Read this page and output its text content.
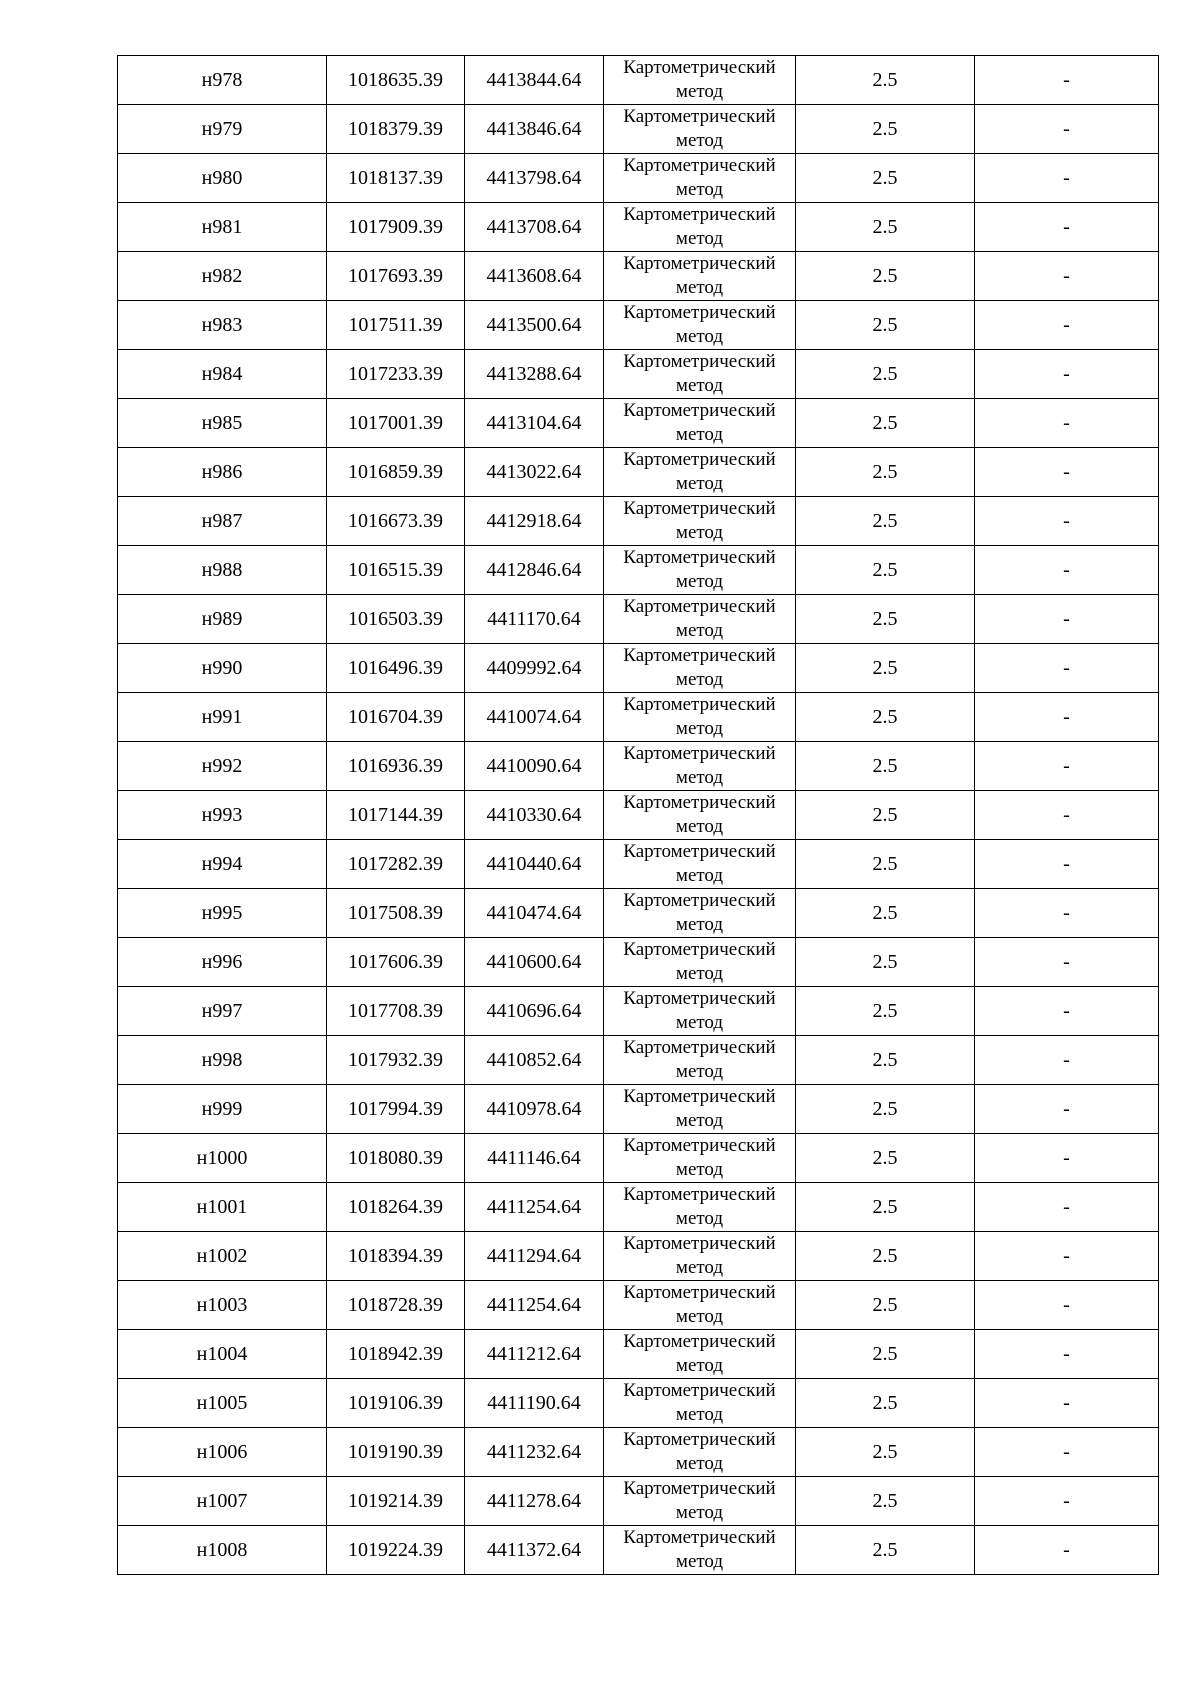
н978	1018635.39	4413844.64	Картометрический метод	2.5	-
н979	1018379.39	4413846.64	Картометрический метод	2.5	-
н980	1018137.39	4413798.64	Картометрический метод	2.5	-
н981	1017909.39	4413708.64	Картометрический метод	2.5	-
н982	1017693.39	4413608.64	Картометрический метод	2.5	-
н983	1017511.39	4413500.64	Картометрический метод	2.5	-
н984	1017233.39	4413288.64	Картометрический метод	2.5	-
н985	1017001.39	4413104.64	Картометрический метод	2.5	-
н986	1016859.39	4413022.64	Картометрический метод	2.5	-
н987	1016673.39	4412918.64	Картометрический метод	2.5	-
н988	1016515.39	4412846.64	Картометрический метод	2.5	-
н989	1016503.39	4411170.64	Картометрический метод	2.5	-
н990	1016496.39	4409992.64	Картометрический метод	2.5	-
н991	1016704.39	4410074.64	Картометрический метод	2.5	-
н992	1016936.39	4410090.64	Картометрический метод	2.5	-
н993	1017144.39	4410330.64	Картометрический метод	2.5	-
н994	1017282.39	4410440.64	Картометрический метод	2.5	-
н995	1017508.39	4410474.64	Картометрический метод	2.5	-
н996	1017606.39	4410600.64	Картометрический метод	2.5	-
н997	1017708.39	4410696.64	Картометрический метод	2.5	-
н998	1017932.39	4410852.64	Картометрический метод	2.5	-
н999	1017994.39	4410978.64	Картометрический метод	2.5	-
н1000	1018080.39	4411146.64	Картометрический метод	2.5	-
н1001	1018264.39	4411254.64	Картометрический метод	2.5	-
н1002	1018394.39	4411294.64	Картометрический метод	2.5	-
н1003	1018728.39	4411254.64	Картометрический метод	2.5	-
н1004	1018942.39	4411212.64	Картометрический метод	2.5	-
н1005	1019106.39	4411190.64	Картометрический метод	2.5	-
н1006	1019190.39	4411232.64	Картометрический метод	2.5	-
н1007	1019214.39	4411278.64	Картометрический метод	2.5	-
н1008	1019224.39	4411372.64	Картометрический метод	2.5	-
